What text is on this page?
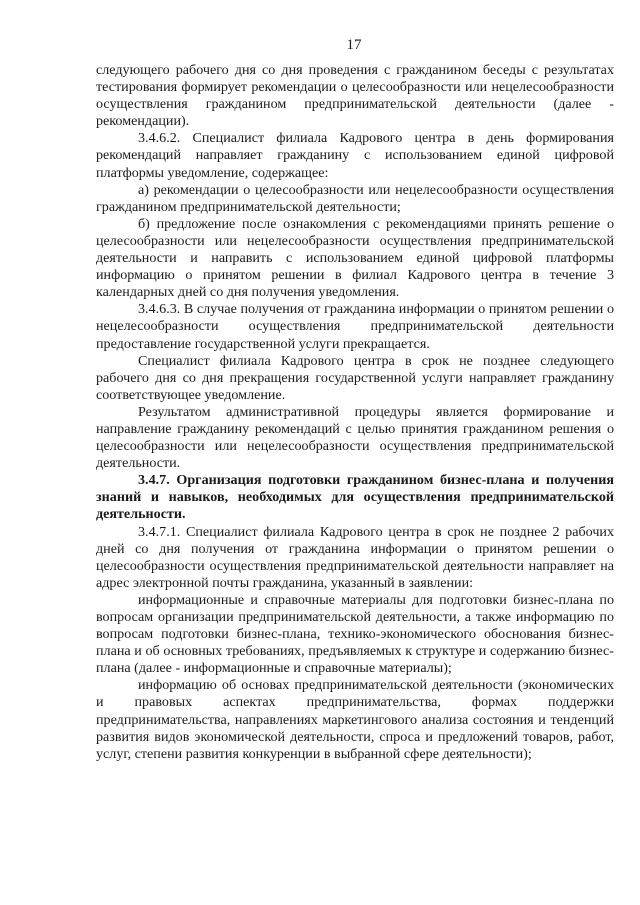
17

следующего рабочего дня со дня проведения с гражданином беседы с результатах тестирования формирует рекомендации о целесообразности или нецелесообразности осуществления гражданином предпринимательской деятельности (далее - рекомендации).

3.4.6.2. Специалист филиала Кадрового центра в день формирования рекомендаций направляет гражданину с использованием единой цифровой платформы уведомление, содержащее:

а) рекомендации о целесообразности или нецелесообразности осуществления гражданином предпринимательской деятельности;

б) предложение после ознакомления с рекомендациями принять решение о целесообразности или нецелесообразности осуществления предпринимательской деятельности и направить с использованием единой цифровой платформы информацию о принятом решении в филиал Кадрового центра в течение 3 календарных дней со дня получения уведомления.

3.4.6.3. В случае получения от гражданина информации о принятом решении о нецелесообразности осуществления предпринимательской деятельности предоставление государственной услуги прекращается.

Специалист филиала Кадрового центра в срок не позднее следующего рабочего дня со дня прекращения государственной услуги направляет гражданину соответствующее уведомление.

Результатом административной процедуры является формирование и направление гражданину рекомендаций с целью принятия гражданином решения о целесообразности или нецелесообразности осуществления предпринимательской деятельности.

3.4.7. Организация подготовки гражданином бизнес-плана и получения знаний и навыков, необходимых для осуществления предпринимательской деятельности.

3.4.7.1. Специалист филиала Кадрового центра в срок не позднее 2 рабочих дней со дня получения от гражданина информации о принятом решении о целесообразности осуществления предпринимательской деятельности направляет на адрес электронной почты гражданина, указанный в заявлении:

информационные и справочные материалы для подготовки бизнес-плана по вопросам организации предпринимательской деятельности, а также информацию по вопросам подготовки бизнес-плана, технико-экономического обоснования бизнес-плана и об основных требованиях, предъявляемых к структуре и содержанию бизнес-плана (далее - информационные и справочные материалы);

информацию об основах предпринимательской деятельности (экономических и правовых аспектах предпринимательства, формах поддержки предпринимательства, направлениях маркетингового анализа состояния и тенденций развития видов экономической деятельности, спроса и предложений товаров, работ, услуг, степени развития конкуренции в выбранной сфере деятельности);
